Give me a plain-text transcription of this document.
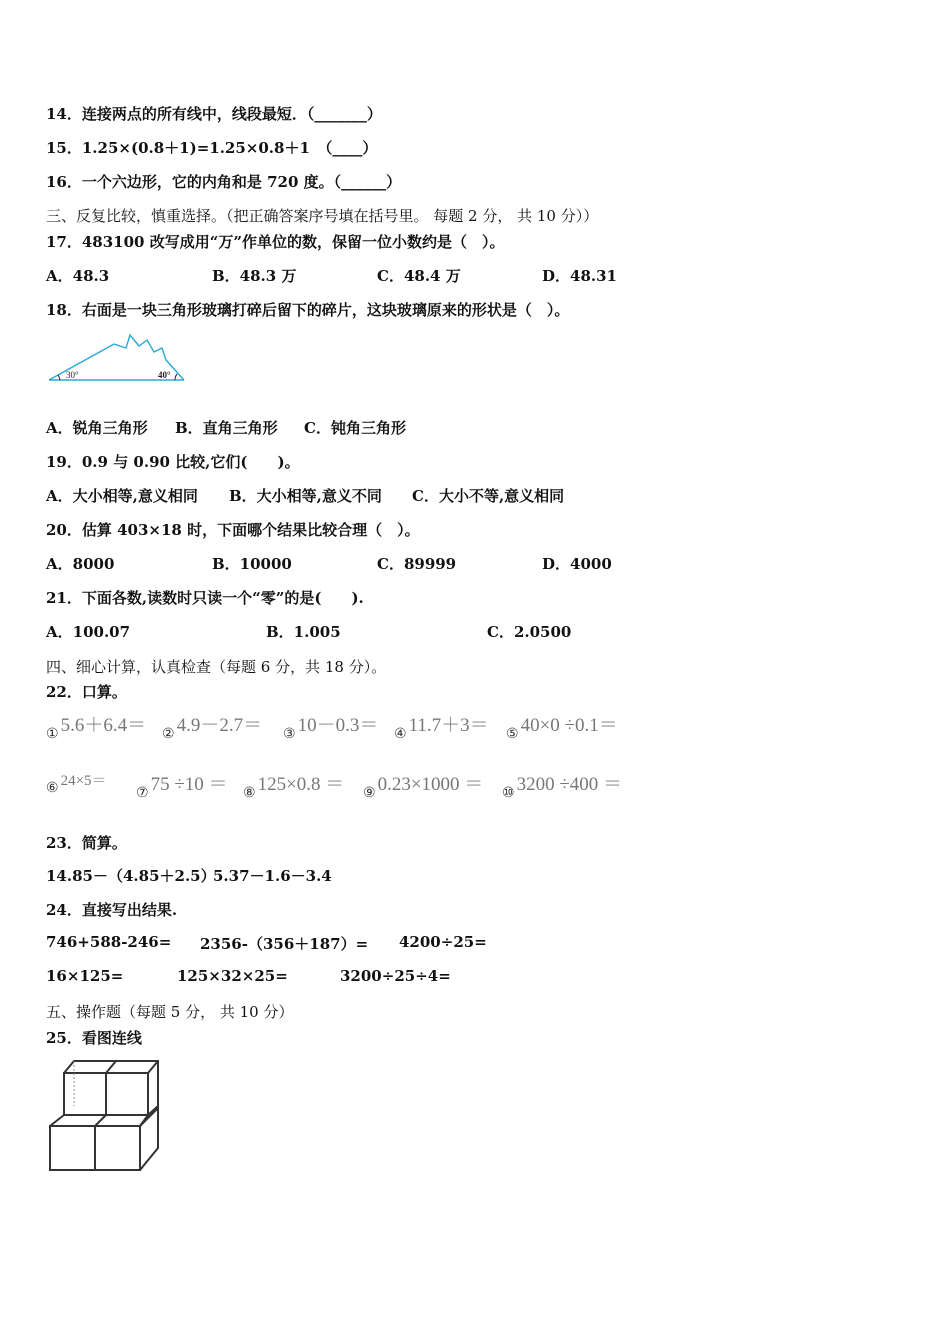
14．连接两点的所有线中，线段最短．（_______）
15．1.25×(0.8＋1)=1.25×0.8＋1　（____）
16．一个六边形，它的内角和是 720 度。（______）
三、反复比较，慎重选择。（把正确答案序号填在括号里。 每题 2 分， 共 10 分））
17．483100 改写成用“万”作单位的数，保留一位小数约是（　）。
A．48.3	B．48.3 万	C．48.4 万	D．48.31
18．右面是一块三角形玻璃打碎后留下的碎片，这块玻璃原来的形状是（　）。
30°	40°
A．锐角三角形 B．直角三角形 C．钝角三角形
19．0.9 与 0.90 比较,它们(　　)。
A．大小相等,意义相同 B．大小相等,意义不同 C．大小不等,意义相同
20．估算 403×18 时，下面哪个结果比较合理（　）。
A．8000	B．10000	C．89999	D．4000
21．下面各数,读数时只读一个“零”的是(　　).
A．100.07	B．1.005	C．2.0500
四、细心计算，认真检查（每题 6 分，共 18 分）。
22．口算。
① 5.6＋6.4＝ ② 4.9－2.7＝ ③ 10－0.3＝ ④ 11.7＋3＝ ⑤ 40×0 ÷0.1＝
⑥ 24×5＝
⑦ 75 ÷10 ＝ ⑧ 125×0.8 ＝ ⑨ 0.23×1000 ＝ ⑩ 3200 ÷400 ＝
23．简算。
14.85－（4.85＋2.5）
5.37－1.6－3.4
24．直接写出结果.
746+588-246= 2356-（356＋187）= 4200÷25=
16×125=	125×32×25=	3200÷25÷4=
五、操作题（每题 5 分， 共 10 分）
25．看图连线
